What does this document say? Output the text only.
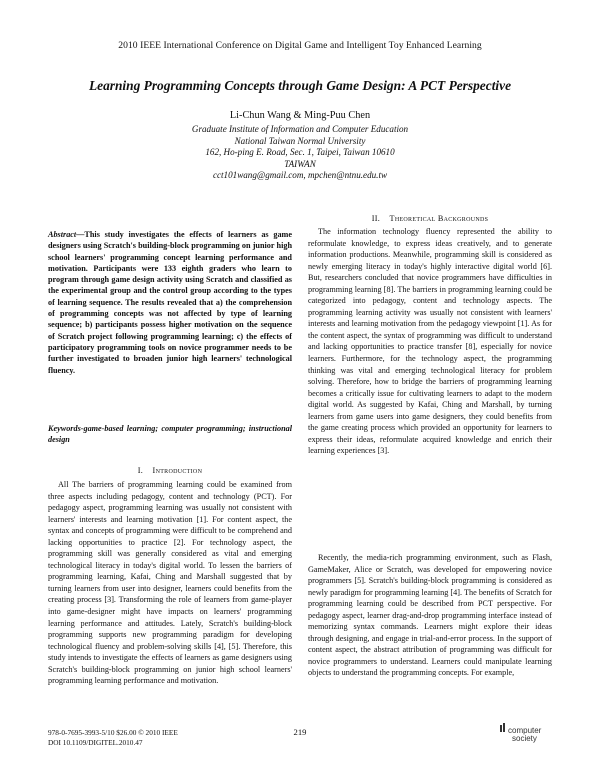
2010 IEEE International Conference on Digital Game and Intelligent Toy Enhanced Learning
Learning Programming Concepts through Game Design: A PCT Perspective
Li-Chun Wang & Ming-Puu Chen
Graduate Institute of Information and Computer Education
National Taiwan Normal University
162, Ho-ping E. Road, Sec. 1, Taipei, Taiwan 10610
TAIWAN
cct101wang@gmail.com, mpchen@ntnu.edu.tw
Abstract—This study investigates the effects of learners as game designers using Scratch's building-block programming on junior high school learners' programming concept learning performance and motivation. Participants were 133 eighth graders who learn to program through game design activity using Scratch and classified as the experimental group and the control group according to the types of learning sequence. The results revealed that a) the comprehension of programming concepts was not affected by type of learning sequence; b) participants possess higher motivation on the sequence of Scratch project following programming learning; c) the effects of participatory programming tools on novice programmer needs to be further investigated to broaden junior high learners' technological fluency.
Keywords-game-based learning; computer programming; instructional design
I. Introduction
All The barriers of programming learning could be examined from three aspects including pedagogy, content and technology (PCT). For pedagogy aspect, programming learning was usually not consistent with learners' interests and learning motivation [1]. For content aspect, the syntax and concepts of programming were difficult to be comprehend and lacking opportunities to practice [2]. For technology aspect, the programming skill was generally considered as vital and emerging technological literacy in today's digital world. To lessen the barriers of programming learning, Kafai, Ching and Marshall suggested that by turning learners from user into designer, learners could benefits from the creating process [3]. Transforming the role of learners from game-player into game-designer might have impacts on learners' programming learning performance and attitudes. Lately, Scratch's building-block programming supports new programming paradigm for developing technological fluency and problem-solving skills [4], [5]. Therefore, this study intends to investigate the effects of learners as game designers using Scratch's building-block programming on junior high school learners' programming learning performance and motivation.
II. Theoretical Backgrounds
The information technology fluency represented the ability to reformulate knowledge, to express ideas creatively, and to generate information productions. Meanwhile, programming skill is considered as newly emerging literacy in today's highly interactive digital world [6]. But, researchers concluded that novice programmers have difficulties in programming learning [8]. The barriers in programming learning could be categorized into pedagogy, content and technology aspects. The programming learning activity was usually not consistent with learners' interests and learning motivation from the pedagogy viewpoint [1]. As for the content aspect, the syntax of programming was difficult to understand and lacking opportunities to practice transfer [8], especially for novice learners. Furthermore, for the technology aspect, the programming thinking was vital and emerging technological literacy for problem solving. Therefore, how to bridge the barriers of programming learning becomes a critically issue for cultivating learners to adapt to the modern digital world. As suggested by Kafai, Ching and Marshall, by turning learners from game users into game designers, they could benefits from the game creating process which provided an opportunity for learners to express their ideas, reformulate acquired knowledge and enrich their learning experiences [3].
Recently, the media-rich programming environment, such as Flash, GameMaker, Alice or Scratch, was developed for empowering novice programmers [5]. Scratch's building-block programming is considered as newly paradigm for programming learning [4]. The benefits of Scratch for programming learning could be described from PCT perspective. For pedagogy aspect, learner drag-and-drop programming interface instead of memorizing syntax commands. Learners might explore their ideas through designing, and engage in trial-and-error process. In the support of content aspect, the abstract attribution of programming was difficult for novice programmers to understand. Learners could manipulate learning objects to understand the programming concepts. For example,
978-0-7695-3993-5/10 $26.00 © 2010 IEEE
DOI 10.1109/DIGITEL.2010.47
219	computer
society
